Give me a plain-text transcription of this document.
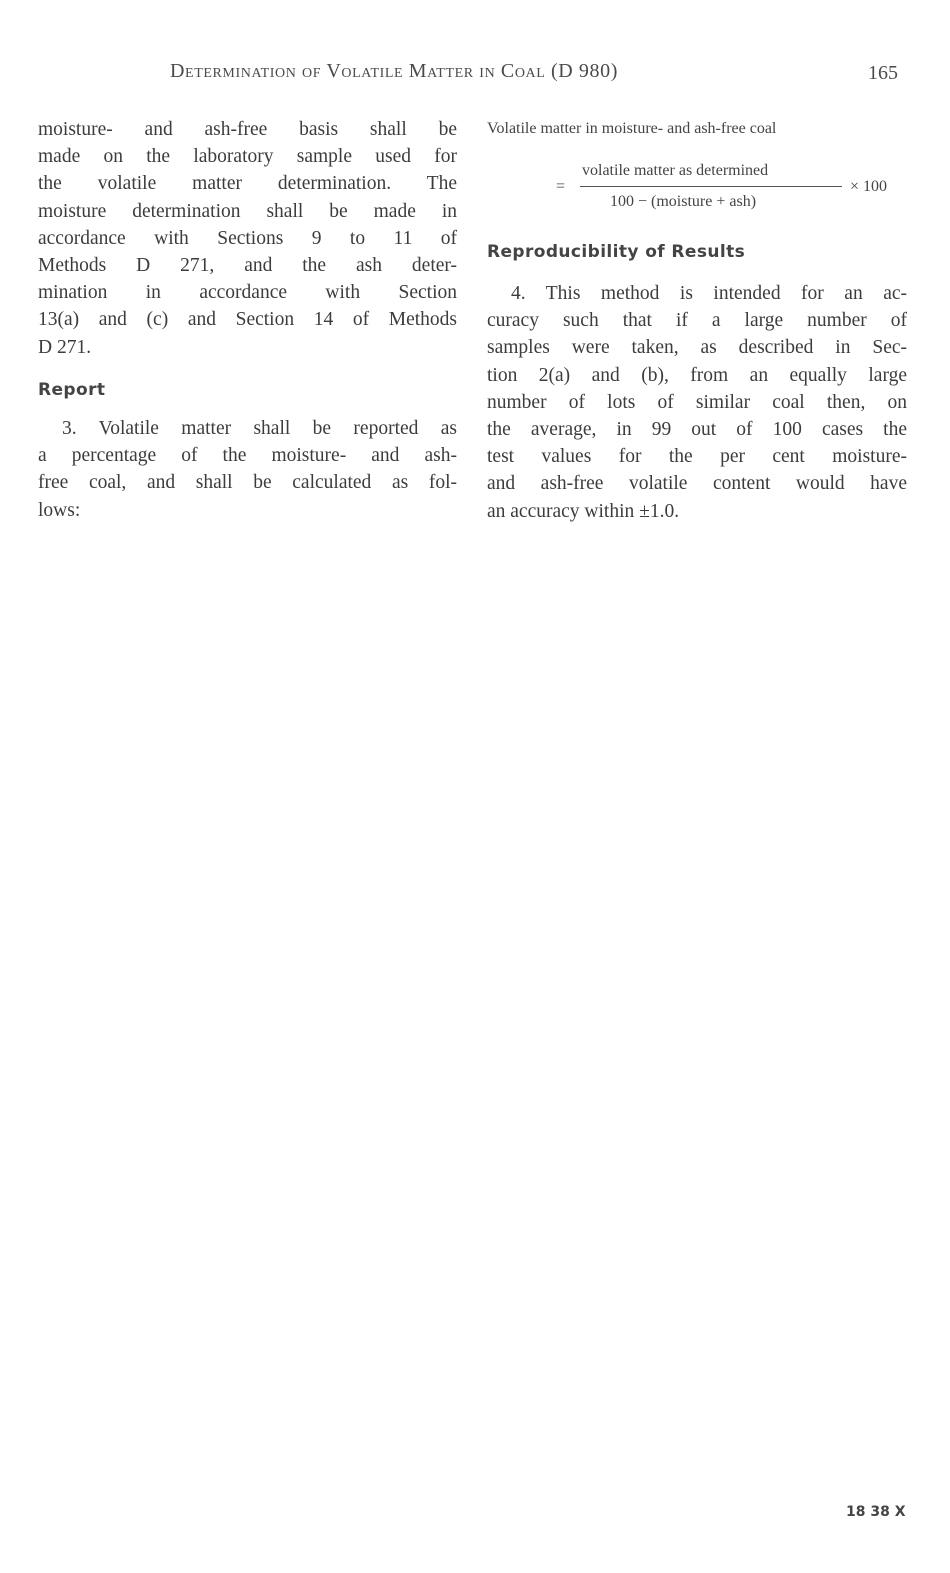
Determination of Volatile Matter in Coal (D 980)	165
moisture- and ash-free basis shall be
made on the laboratory sample used for
the volatile matter determination. The
moisture determination shall be made in
accordance with Sections 9 to 11 of
Methods D 271, and the ash deter-
mination in accordance with Section
13(a) and (c) and Section 14 of Methods
D 271.
Report
3. Volatile matter shall be reported as
a percentage of the moisture- and ash-
free coal, and shall be calculated as fol-
lows:
Volatile matter in moisture- and ash-free coal
=
volatile matter as determined
100 − (moisture + ash)
× 100
Reproducibility of Results
4. This method is intended for an ac-
curacy such that if a large number of
samples were taken, as described in Sec-
tion 2(a) and (b), from an equally large
number of lots of similar coal then, on
the average, in 99 out of 100 cases the
test values for the per cent moisture-
and ash-free volatile content would have
an accuracy within ±1.0.
18 38 X
